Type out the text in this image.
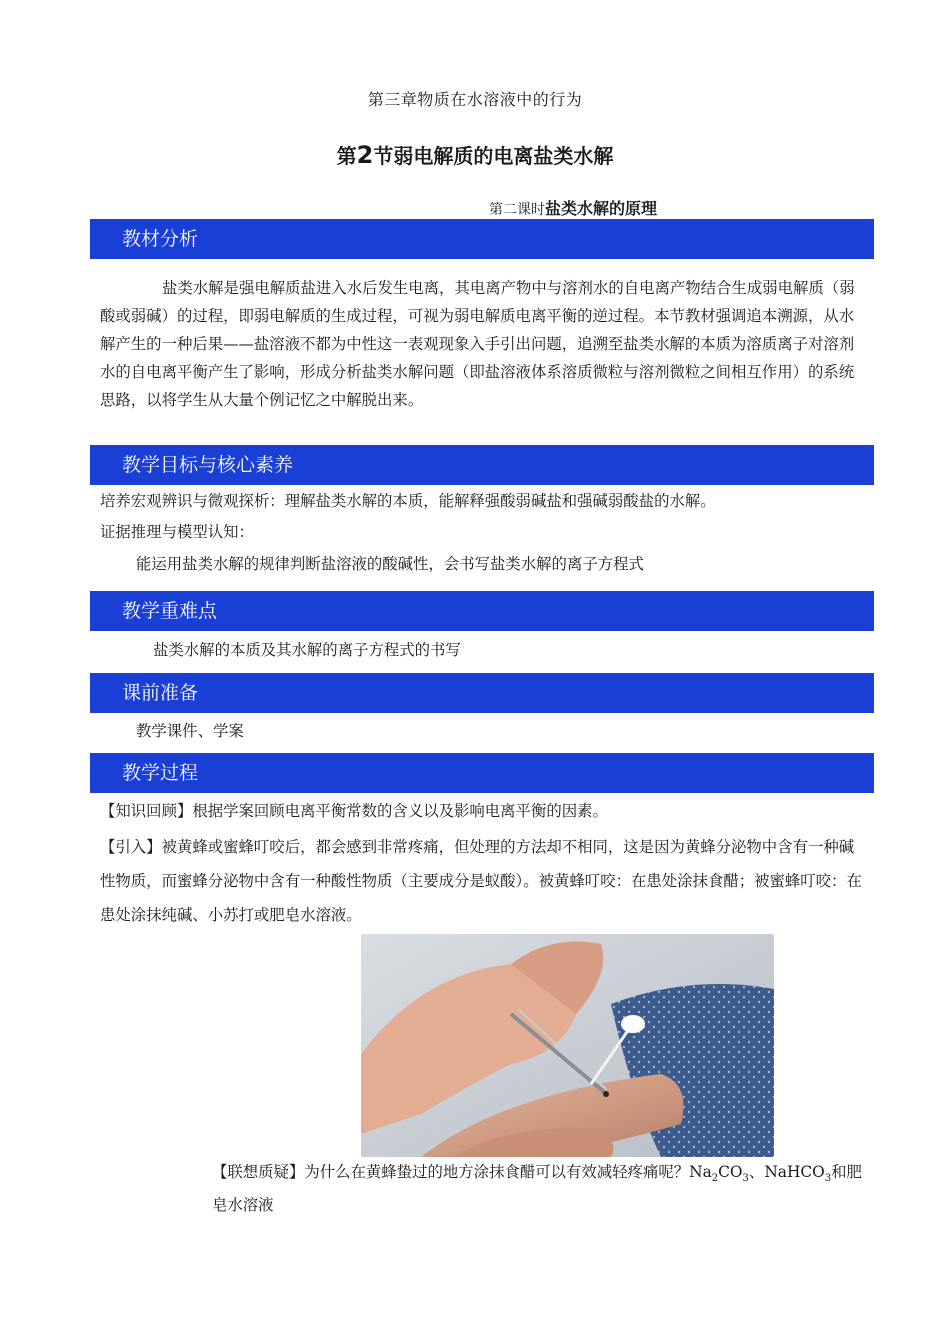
第三章物质在水溶液中的行为
第2节弱电解质的电离盐类水解
第二课时盐类水解的原理
教材分析
盐类水解是强电解质盐进入水后发生电离，其电离产物中与溶剂水的自电离产物结合生成弱电解质（弱酸或弱碱）的过程，即弱电解质的生成过程，可视为弱电解质电离平衡的逆过程。本节教材强调追本溯源，从水解产生的一种后果——盐溶液不都为中性这一表观现象入手引出问题，追溯至盐类水解的本质为溶质离子对溶剂水的自电离平衡产生了影响，形成分析盐类水解问题（即盐溶液体系溶质微粒与溶剂微粒之间相互作用）的系统思路，以将学生从大量个例记忆之中解脱出来。
教学目标与核心素养
培养宏观辨识与微观探析：理解盐类水解的本质，能解释强酸弱碱盐和强碱弱酸盐的水解。
证据推理与模型认知：
能运用盐类水解的规律判断盐溶液的酸碱性，会书写盐类水解的离子方程式
教学重难点
盐类水解的本质及其水解的离子方程式的书写
课前准备
教学课件、学案
教学过程
【知识回顾】根据学案回顾电离平衡常数的含义以及影响电离平衡的因素。
【引入】被黄蜂或蜜蜂叮咬后，都会感到非常疼痛，但处理的方法却不相同，这是因为黄蜂分泌物中含有一种碱性物质，而蜜蜂分泌物中含有一种酸性物质（主要成分是蚁酸）。被黄蜂叮咬：在患处涂抹食醋；被蜜蜂叮咬：在患处涂抹纯碱、小苏打或肥皂水溶液。
【联想质疑】为什么在黄蜂蛰过的地方涂抹食醋可以有效减轻疼痛呢？$Na_2CO_3$、NaHCO$_3$和肥皂水溶液
